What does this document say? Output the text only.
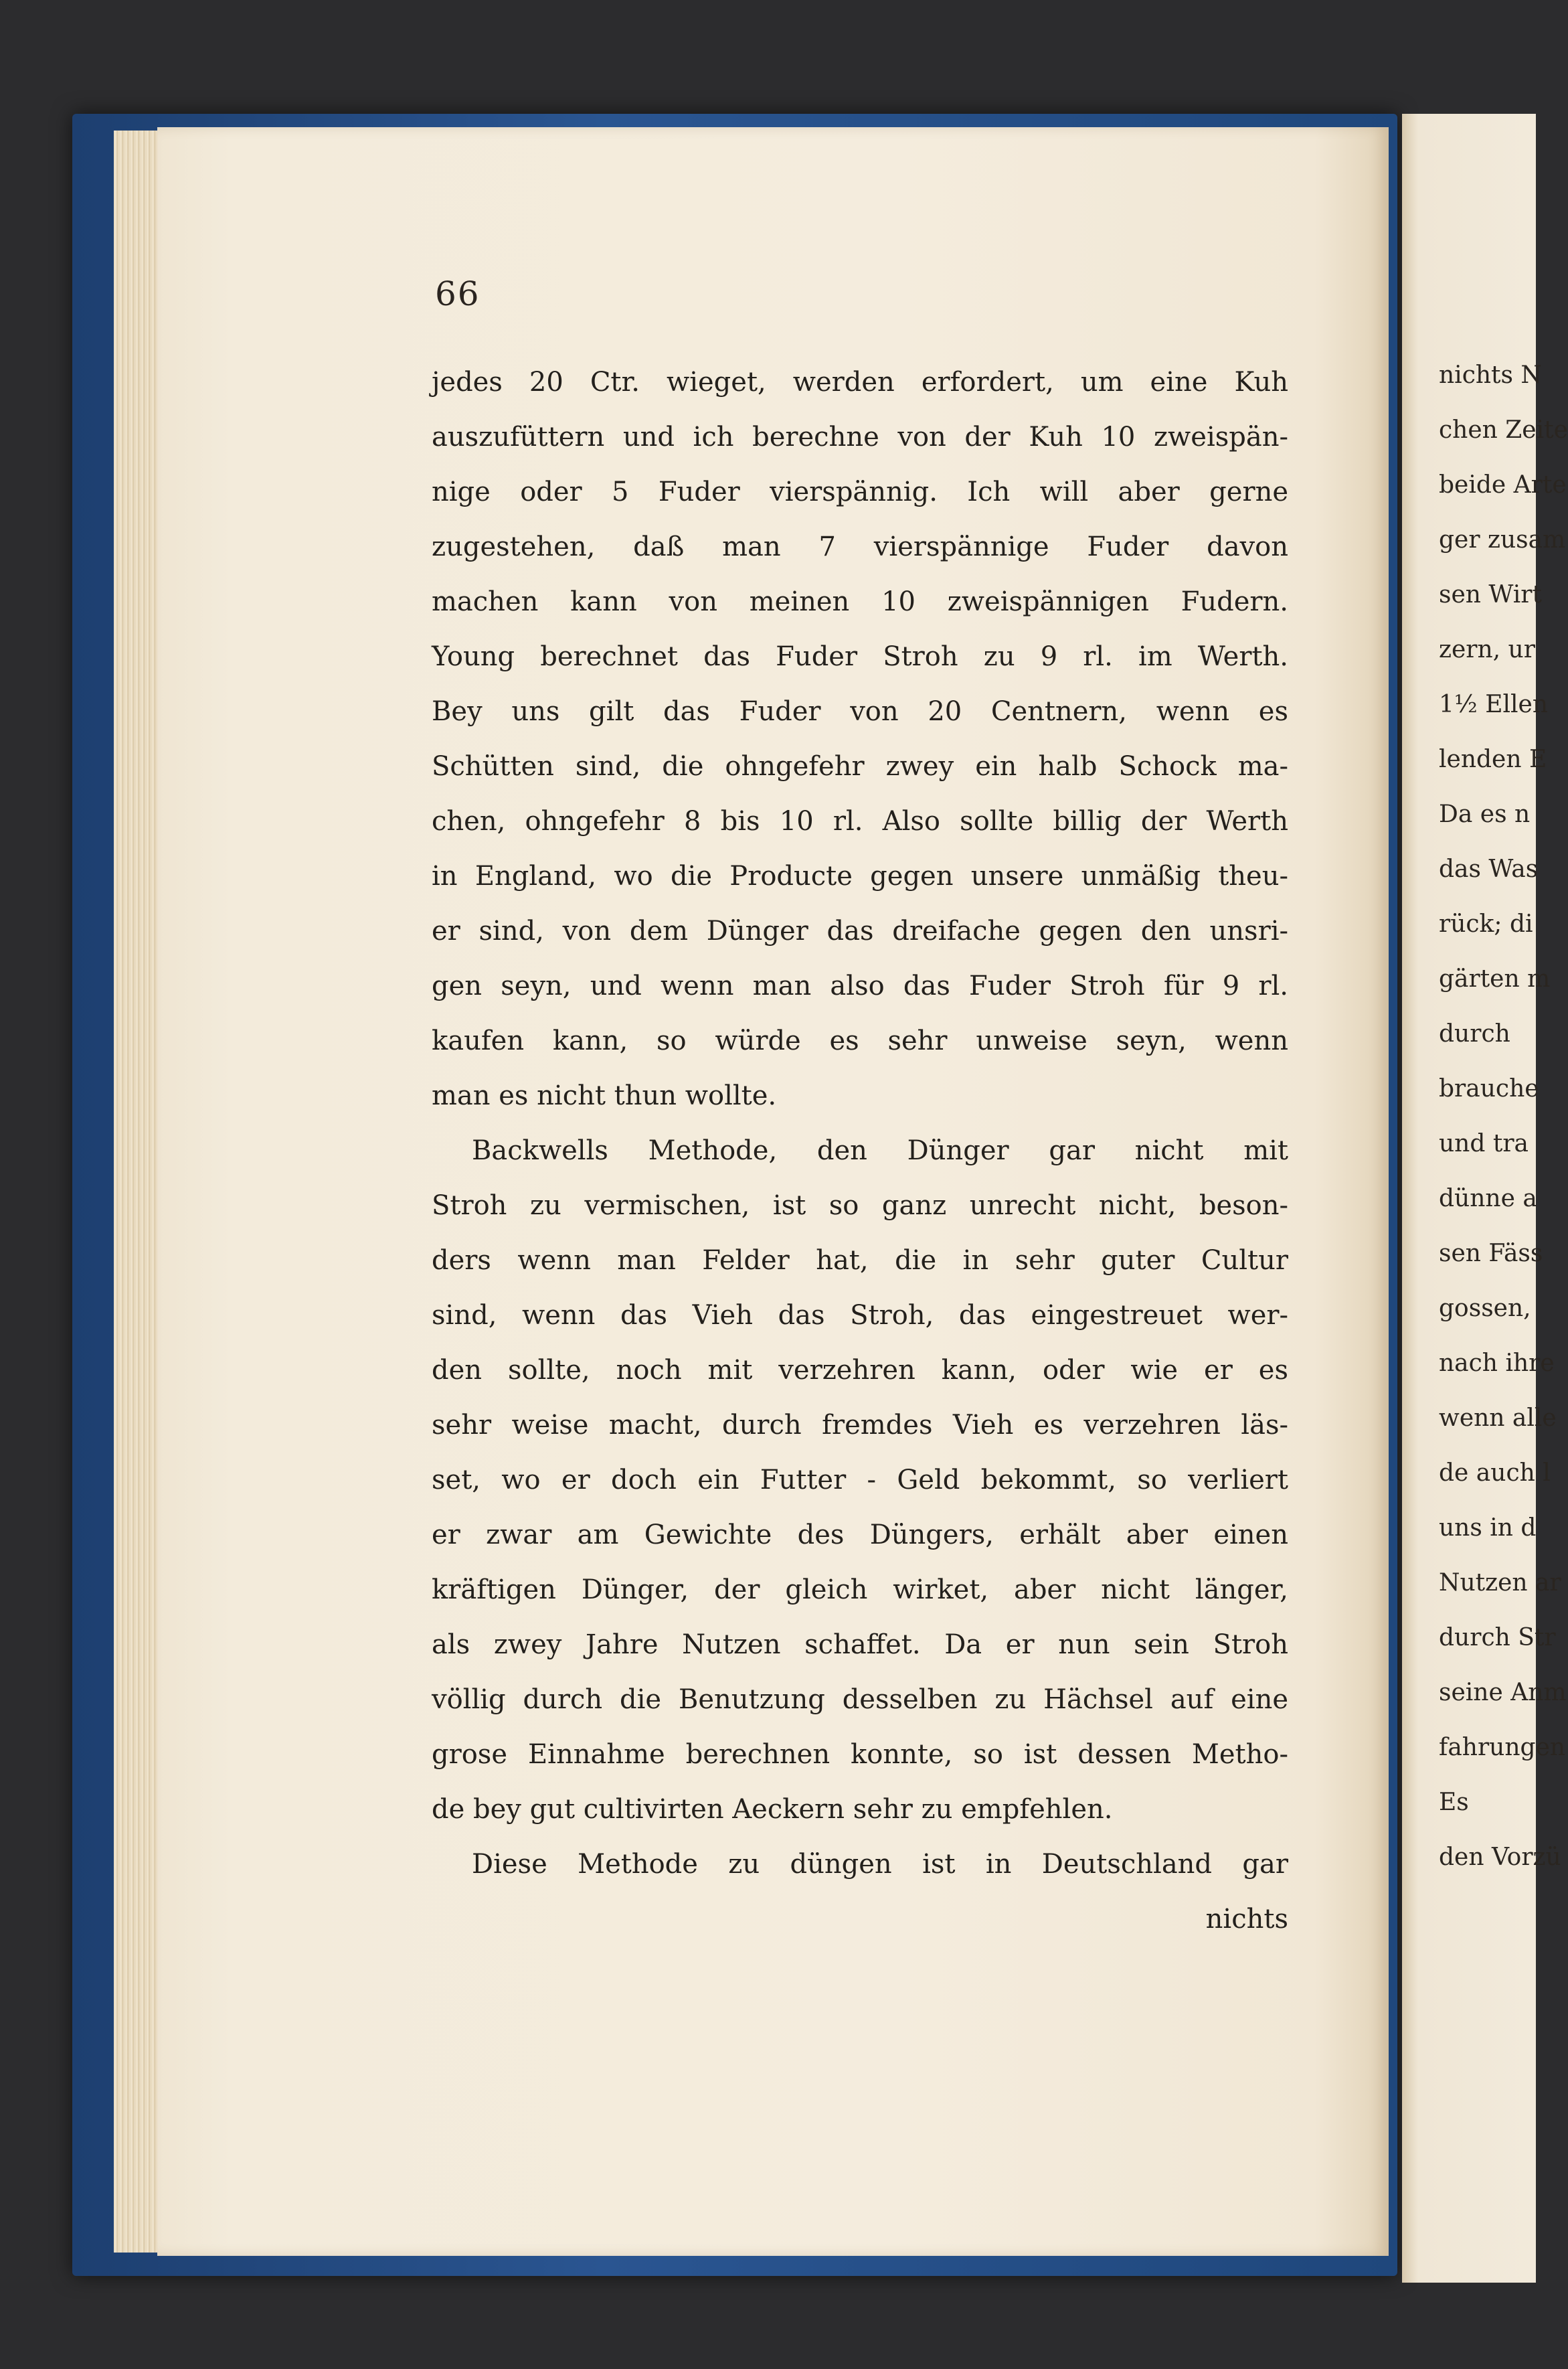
66
jedes 20 Ctr. wieget, werden erfordert, um eine Kuh
auszufüttern und ich berechne von der Kuh 10 zweispän-
nige oder 5 Fuder vierspännig. Ich will aber gerne
zugestehen, daß man 7 vierspännige Fuder davon
machen kann von meinen 10 zweispännigen Fudern.
Young berechnet das Fuder Stroh zu 9 rl. im Werth.
Bey uns gilt das Fuder von 20 Centnern, wenn es
Schütten sind, die ohngefehr zwey ein halb Schock ma-
chen, ohngefehr 8 bis 10 rl. Also sollte billig der Werth
in England, wo die Producte gegen unsere unmäßig theu-
er sind, von dem Dünger das dreifache gegen den unsri-
gen seyn, und wenn man also das Fuder Stroh für 9 rl.
kaufen kann, so würde es sehr unweise seyn, wenn
man es nicht thun wollte.
Backwells Methode, den Dünger gar nicht mit
Stroh zu vermischen, ist so ganz unrecht nicht, beson-
ders wenn man Felder hat, die in sehr guter Cultur
sind, wenn das Vieh das Stroh, das eingestreuet wer-
den sollte, noch mit verzehren kann, oder wie er es
sehr weise macht, durch fremdes Vieh es verzehren läs-
set, wo er doch ein Futter - Geld bekommt, so verliert
er zwar am Gewichte des Düngers, erhält aber einen
kräftigen Dünger, der gleich wirket, aber nicht länger,
als zwey Jahre Nutzen schaffet. Da er nun sein Stroh
völlig durch die Benutzung desselben zu Hächsel auf eine
grose Einnahme berechnen konnte, so ist dessen Metho-
de bey gut cultivirten Aeckern sehr zu empfehlen.
Diese Methode zu düngen ist in Deutschland gar
nichts
nichts N
chen Zeite
beide Arte
ger zusam
sen Wirt
zern, ur
1½ Ellen
lenden E
Da es n
das Was
rück; di
gärten m
durch
brauche
und tra
dünne a
sen Fäss
gossen,
nach ihre
wenn alle
de auch l
uns in d
Nutzen ar
durch Str
seine Anm
fahrungen
Es
den Vorzü
